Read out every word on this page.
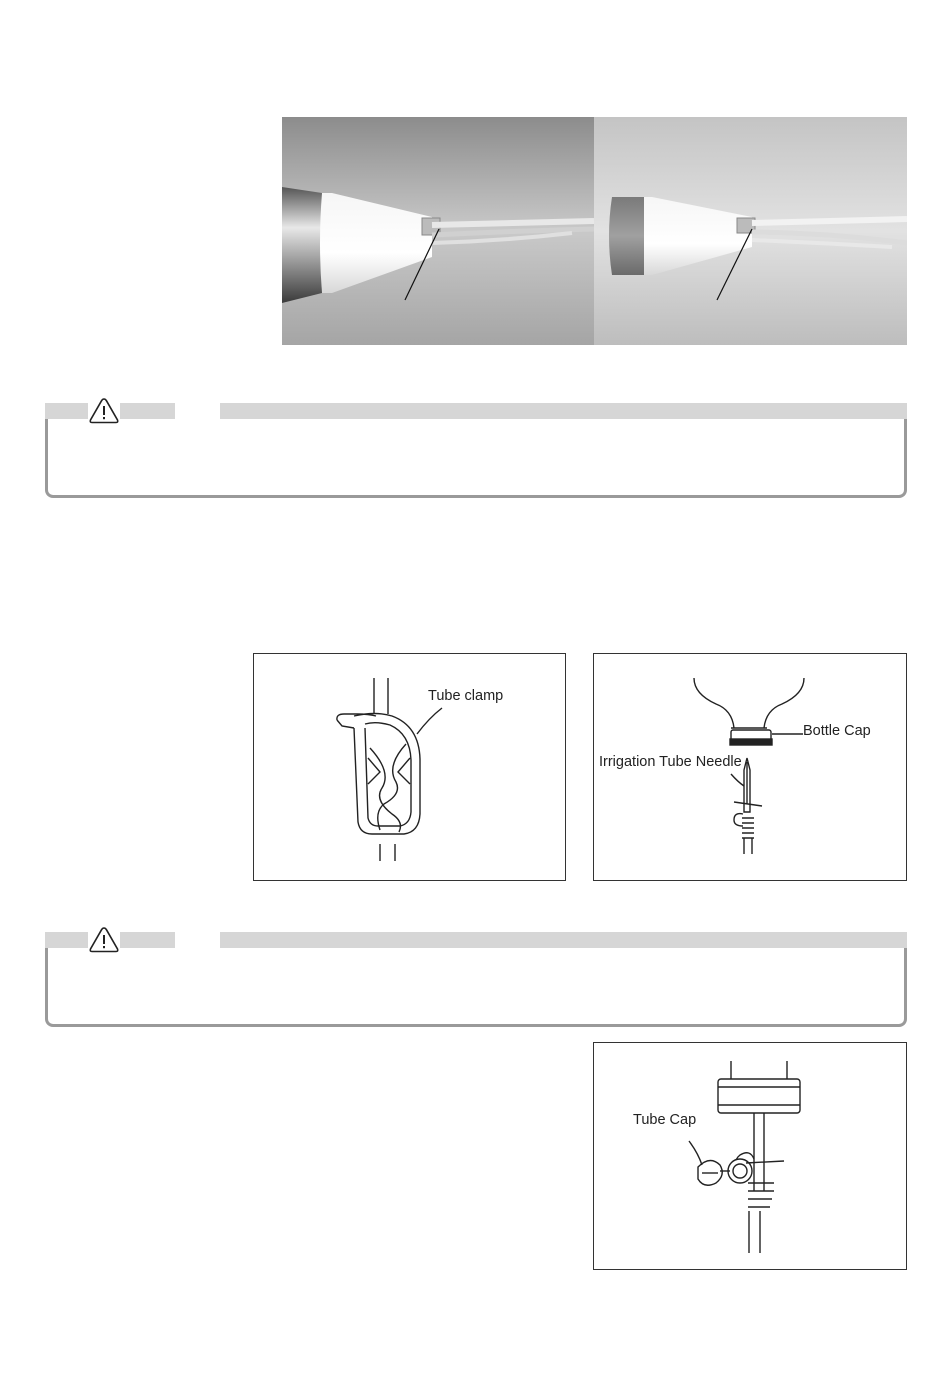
Tube clamp
Bottle Cap
Irrigation Tube Needle
Tube Cap
